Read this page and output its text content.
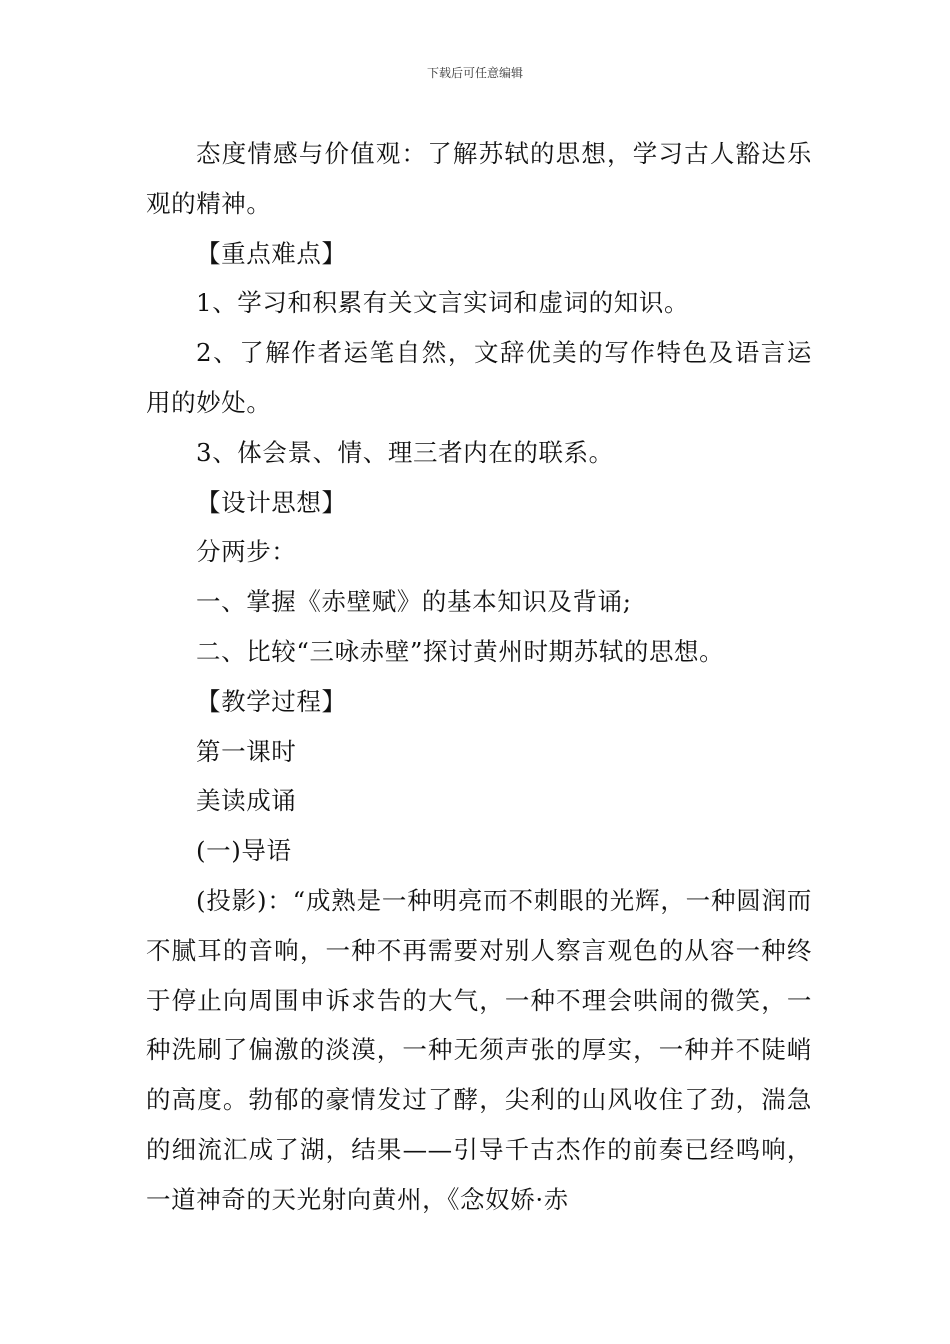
下载后可任意编辑

态度情感与价值观：了解苏轼的思想，学习古人豁达乐观的精神。

【重点难点】

1、学习和积累有关文言实词和虚词的知识。

2、了解作者运笔自然，文辞优美的写作特色及语言运用的妙处。

3、体会景、情、理三者内在的联系。

【设计思想】

分两步：

一、掌握《赤壁赋》的基本知识及背诵;

二、比较“三咏赤壁”探讨黄州时期苏轼的思想。

【教学过程】

第一课时

美读成诵

(一)导语

(投影)：“成熟是一种明亮而不刺眼的光辉，一种圆润而不腻耳的音响，一种不再需要对别人察言观色的从容一种终于停止向周围申诉求告的大气，一种不理会哄闹的微笑，一种洗刷了偏激的淡漠，一种无须声张的厚实，一种并不陡峭的高度。勃郁的豪情发过了酵，尖利的山风收住了劲，湍急的细流汇成了湖，结果——引导千古杰作的前奏已经鸣响，一道神奇的天光射向黄州，《念奴娇·赤
